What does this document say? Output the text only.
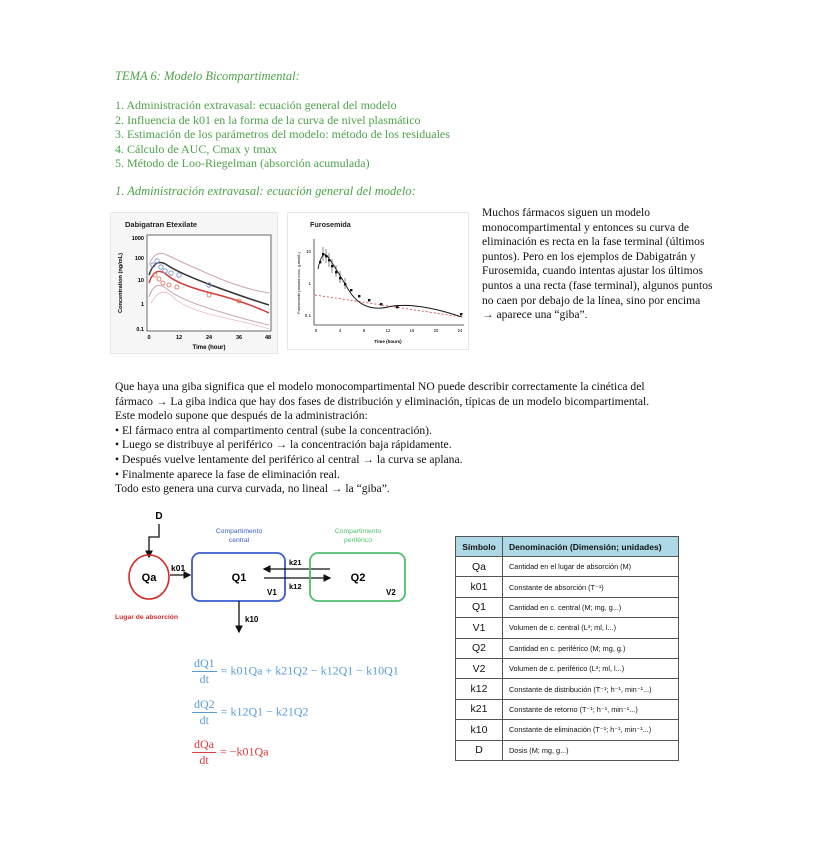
TEMA 6: Modelo Bicompartimental:
1. Administración extravasal: ecuación general del modelo
2. Influencia de k01 en la forma de la curva de nivel plasmático
3. Estimación de los parámetros del modelo: método de los residuales
4. Cálculo de AUC, Cmax y tmax
5. Método de Loo-Riegelman (absorción acumulada)
1. Administración extravasal: ecuación general del modelo:
Dabigatran Etexilate
1000
100
10
1
0.1
0	12	24	36	48
Time (hour)
Concentration (ng/mL)
Furosemida
10
1
0.1
0	4	8	12	16	20	24
Time (hours)
Furosemide plasma conc. (µmol/L)
Muchos fármacos siguen un modelo monocompartimental y entonces su curva de eliminación es recta en la fase terminal (últimos puntos). Pero en los ejemplos de Dabigatrán y Furosemida, cuando intentas ajustar los últimos puntos a una recta (fase terminal), algunos puntos no caen por debajo de la línea, sino por encima → aparece una “giba”.
Que haya una giba significa que el modelo monocompartimental NO puede describir correctamente la cinética del
fármaco → La giba indica que hay dos fases de distribución y eliminación, típicas de un modelo bicompartimental.
Este modelo supone que después de la administración:
• El fármaco entra al compartimento central (sube la concentración).
• Luego se distribuye al periférico → la concentración baja rápidamente.
• Después vuelve lentamente del periférico al central → la curva se aplana.
• Finalmente aparece la fase de eliminación real.
Todo esto genera una curva curvada, no lineal → la “giba”.
D
Qa
Lugar de absorción
k01
Compartimento
central
Q1
V1
k21
k12
Compartimento
periférico
Q2
V2
k10
$\frac{dQ1}{dt} = k01Qa + k21Q2 - k12Q1 - k10Q1$
$\frac{dQ2}{dt} = k12Q1 - k21Q2$
$\frac{\text{dQa}}{dt} = -k01Qa$
Símbolo	Denominación (Dimensión; unidades)
Qa	Cantidad en el lugar de absorción (M)
k01	Constante de absorción (T⁻¹)
Q1	Cantidad en c. central (M; mg, g...)
V1	Volumen de c. central (L³; ml, l...)
Q2	Cantidad en c. periférico (M; mg, g.)
V2	Volumen de c. periférico (L³; ml, l...)
k12	Constante de distribución (T⁻¹; h⁻¹, min⁻¹...)
k21	Constante de retorno (T⁻¹; h⁻¹, min⁻¹...)
k10	Constante de eliminación (T⁻¹; h⁻¹, min⁻¹...)
D	Dosis (M; mg, g...)
